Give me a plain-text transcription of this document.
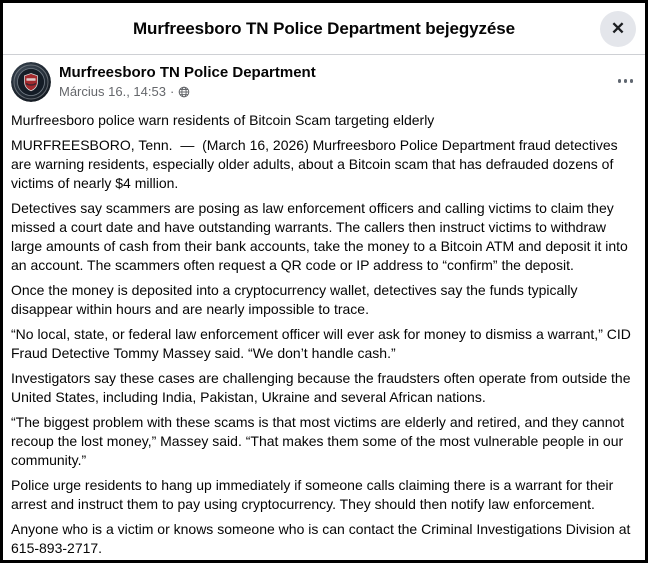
Murfreesboro TN Police Department bejegyzése	✕
Murfreesboro TN Police Department
Március 16., 14:53 ·

Murfreesboro police warn residents of Bitcoin Scam targeting elderly

MURFREESBORO, Tenn.  —  (March 16, 2026) Murfreesboro Police Department fraud detectives are warning residents, especially older adults, about a Bitcoin scam that has defrauded dozens of victims of nearly $4 million.

Detectives say scammers are posing as law enforcement officers and calling victims to claim they missed a court date and have outstanding warrants. The callers then instruct victims to withdraw large amounts of cash from their bank accounts, take the money to a Bitcoin ATM and deposit it into an account. The scammers often request a QR code or IP address to “confirm” the deposit.

Once the money is deposited into a cryptocurrency wallet, detectives say the funds typically disappear within hours and are nearly impossible to trace.

“No local, state, or federal law enforcement officer will ever ask for money to dismiss a warrant,” CID Fraud Detective Tommy Massey said. “We don’t handle cash.”

Investigators say these cases are challenging because the fraudsters often operate from outside the United States, including India, Pakistan, Ukraine and several African nations.

“The biggest problem with these scams is that most victims are elderly and retired, and they cannot recoup the lost money,” Massey said. “That makes them some of the most vulnerable people in our community.”

Police urge residents to hang up immediately if someone calls claiming there is a warrant for their arrest and instruct them to pay using cryptocurrency. They should then notify law enforcement.

Anyone who is a victim or knows someone who is can contact the Criminal Investigations Division at 615-893-2717.
